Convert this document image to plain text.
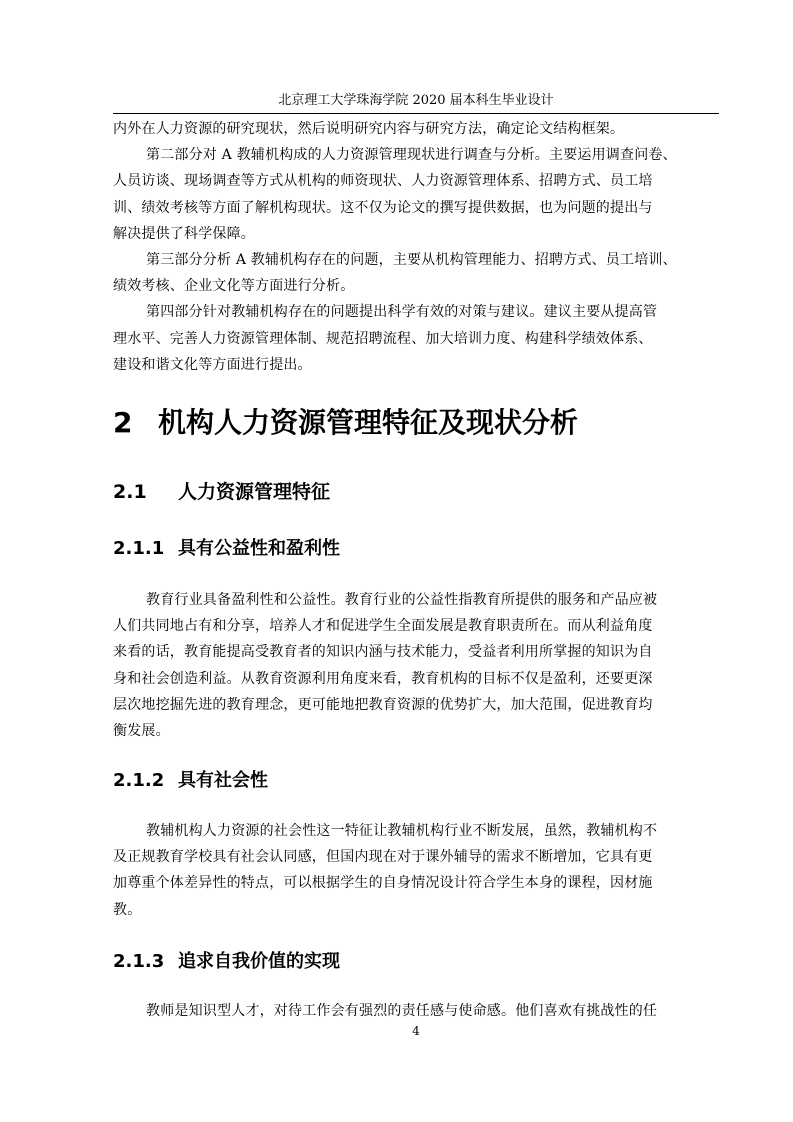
北京理工大学珠海学院 2020 届本科生毕业设计
内外在人力资源的研究现状，然后说明研究内容与研究方法，确定论文结构框架。
第二部分对 A 教辅机构成的人力资源管理现状进行调查与分析。主要运用调查问卷、
人员访谈、现场调查等方式从机构的师资现状、人力资源管理体系、招聘方式、员工培
训、绩效考核等方面了解机构现状。这不仅为论文的撰写提供数据，也为问题的提出与
解决提供了科学保障。
第三部分分析 A 教辅机构存在的问题，主要从机构管理能力、招聘方式、员工培训、
绩效考核、企业文化等方面进行分析。
第四部分针对教辅机构存在的问题提出科学有效的对策与建议。建议主要从提高管
理水平、完善人力资源管理体制、规范招聘流程、加大培训力度、构建科学绩效体系、
建设和谐文化等方面进行提出。
2 机构人力资源管理特征及现状分析
2.1 人力资源管理特征
2.1.1 具有公益性和盈利性
教育行业具备盈利性和公益性。教育行业的公益性指教育所提供的服务和产品应被
人们共同地占有和分享，培养人才和促进学生全面发展是教育职责所在。而从利益角度
来看的话，教育能提高受教育者的知识内涵与技术能力，受益者利用所掌握的知识为自
身和社会创造利益。从教育资源利用角度来看，教育机构的目标不仅是盈利，还要更深
层次地挖掘先进的教育理念，更可能地把教育资源的优势扩大，加大范围，促进教育均
衡发展。
2.1.2 具有社会性
教辅机构人力资源的社会性这一特征让教辅机构行业不断发展，虽然，教辅机构不
及正规教育学校具有社会认同感，但国内现在对于课外辅导的需求不断增加，它具有更
加尊重个体差异性的特点，可以根据学生的自身情况设计符合学生本身的课程，因材施
教。
2.1.3 追求自我价值的实现
教师是知识型人才，对待工作会有强烈的责任感与使命感。他们喜欢有挑战性的任
4
